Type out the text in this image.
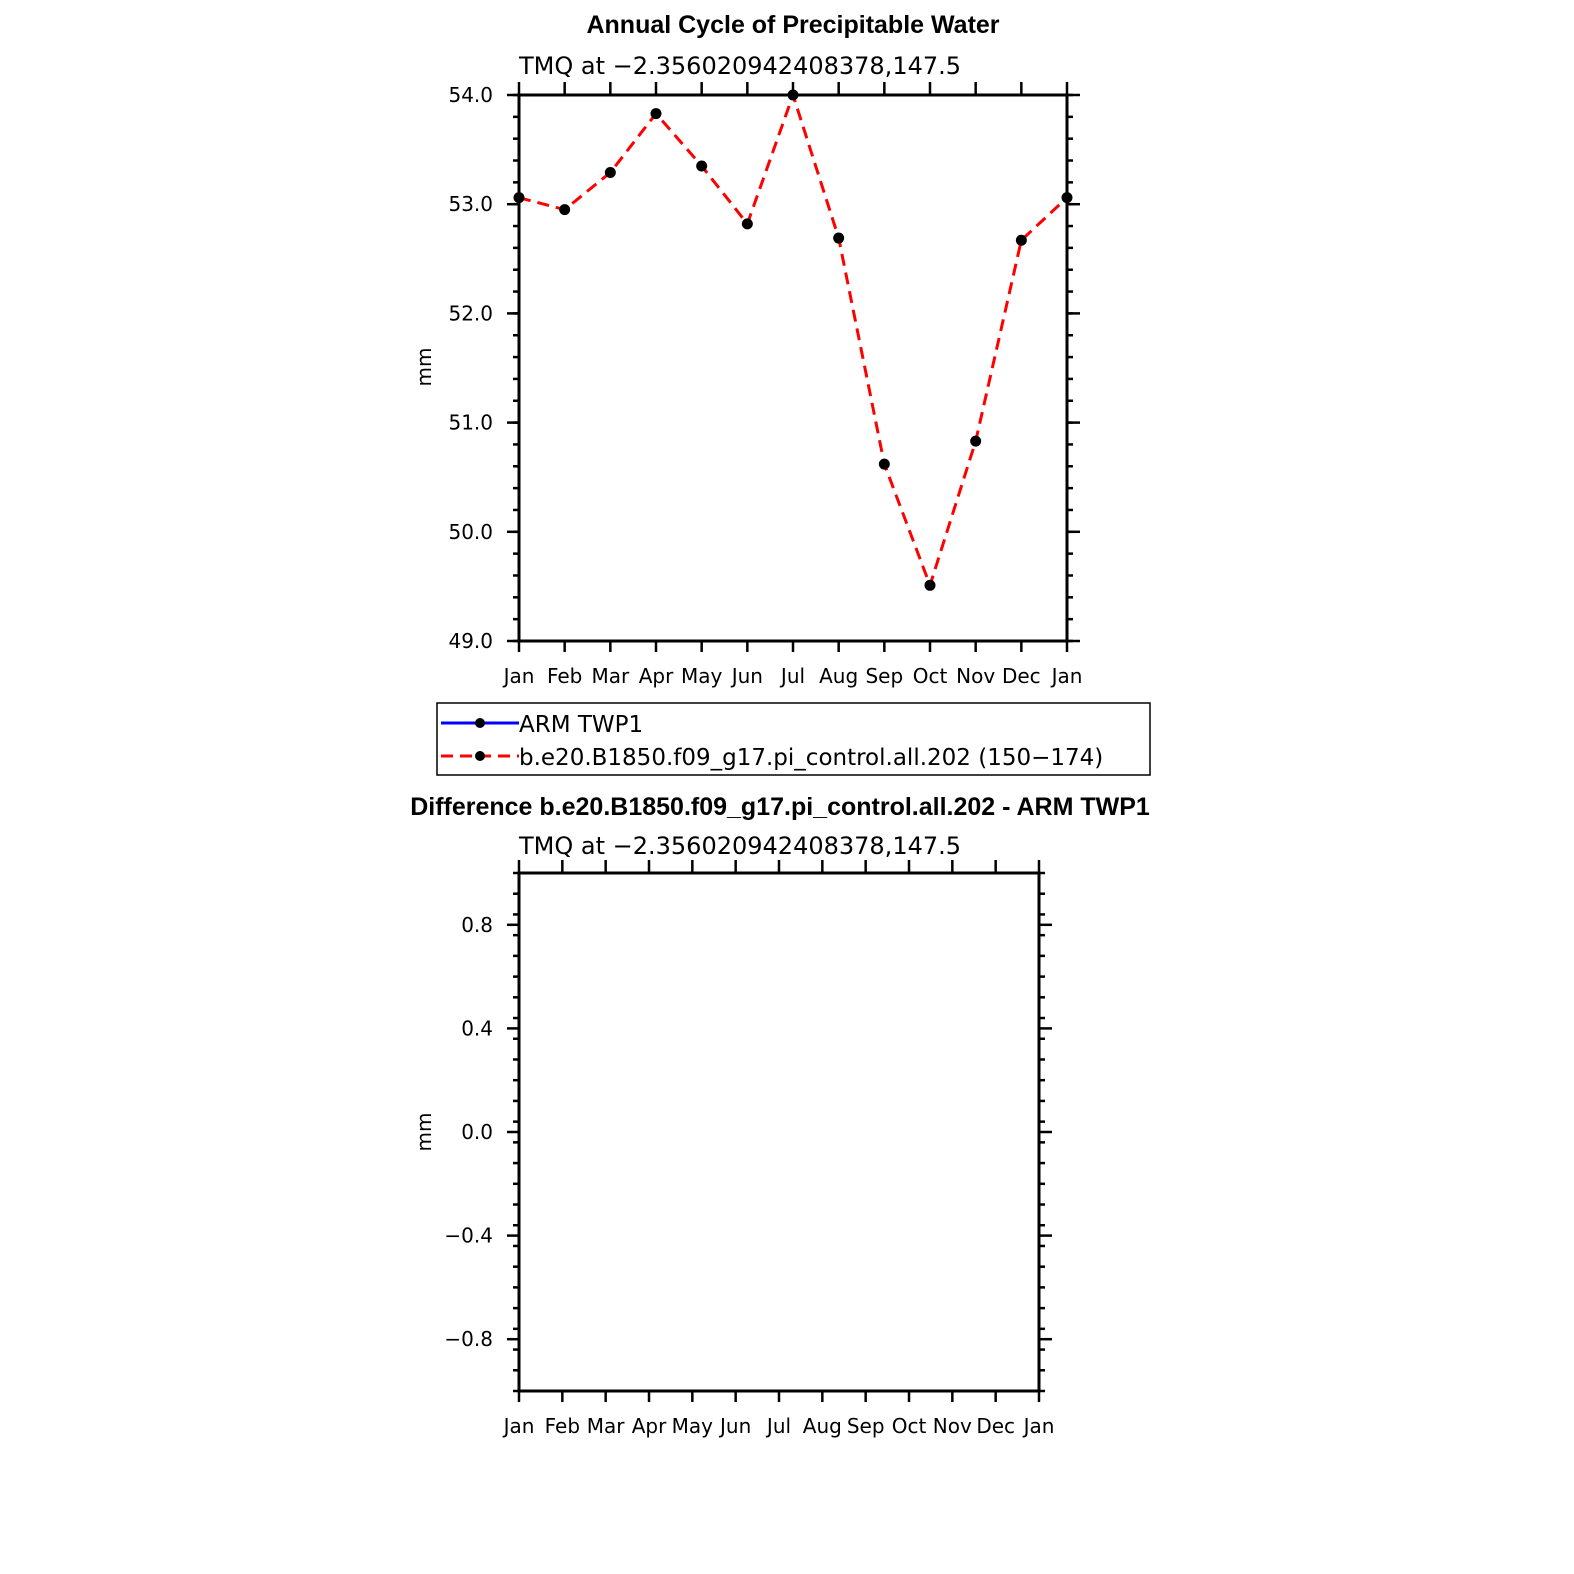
Annual Cycle of Precipitable Water
TMQ at −2.356020942408378,147.5
mm
Jan Feb Mar Apr May Jun Jul Aug Sep Oct Nov Dec Jan
49.0
50.0
51.0
52.0
53.0
54.0
ARM TWP1
b.e20.B1850.f09_g17.pi_control.all.202 (150−174)
Difference b.e20.B1850.f09_g17.pi_control.all.202 - ARM TWP1
TMQ at −2.356020942408378,147.5
mm
Jan Feb Mar Apr May Jun Jul Aug Sep Oct Nov Dec Jan
−0.8
−0.4
0.0
0.4
0.8
